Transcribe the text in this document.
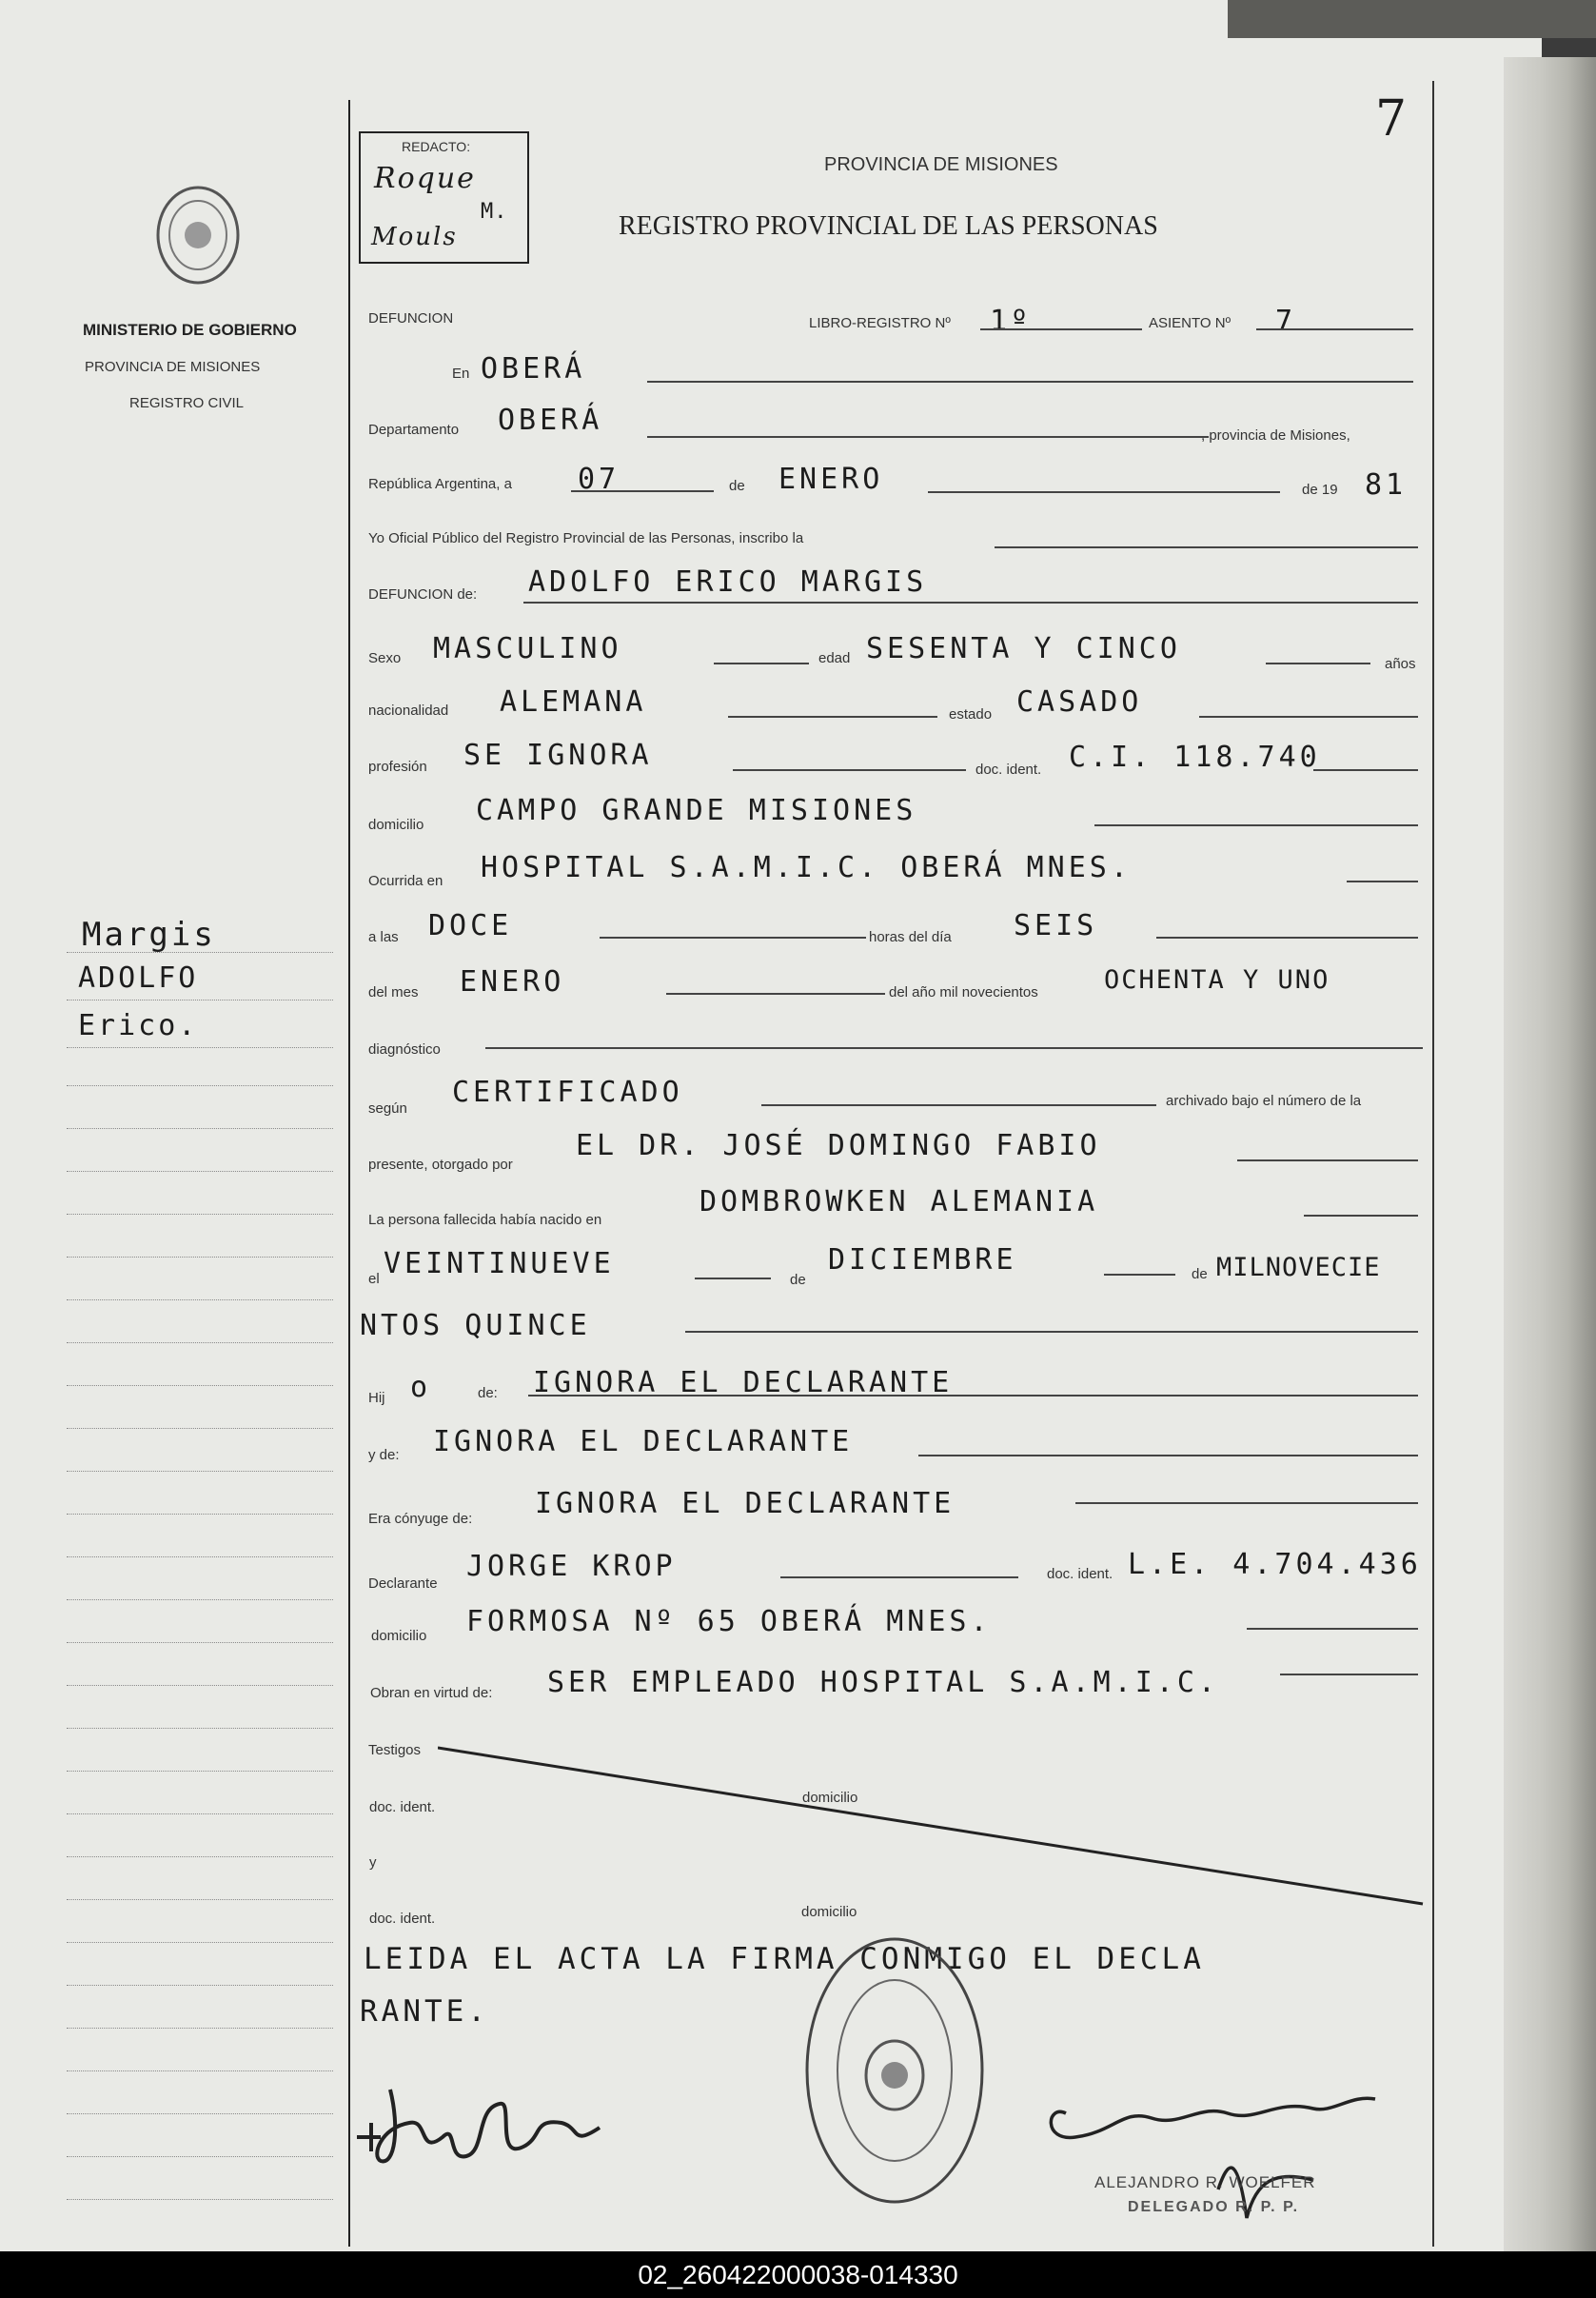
7
MINISTERIO DE GOBIERNO
PROVINCIA DE MISIONES
REGISTRO CIVIL
REDACTO:
Roque
M.
Mouls
PROVINCIA DE MISIONES
REGISTRO PROVINCIAL DE LAS PERSONAS
Margis
ADOLFO
Erico.
DEFUNCION	LIBRO-REGISTRO Nº 1º	ASIENTO Nº 7
En OBERÁ
Departamento OBERÁ	, provincia de Misiones,
República Argentina, a 07	de ENERO	de 19 81
Yo Oficial Público del Registro Provincial de las Personas, inscribo la
DEFUNCION de: ADOLFO ERICO MARGIS
Sexo MASCULINO	edad SESENTA Y CINCO	años
nacionalidad ALEMANA	estado CASADO
profesión SE IGNORA	doc. ident. C.I. 118.740
domicilio CAMPO GRANDE MISIONES
Ocurrida en HOSPITAL S.A.M.I.C. OBERÁ MNES.
a las DOCE	horas del día SEIS
del mes ENERO	del año mil novecientos	OCHENTA Y UNO
diagnóstico
según CERTIFICADO	archivado bajo el número de la
presente, otorgado por
EL DR. JOSÉ DOMINGO FABIO
La persona fallecida había nacido en
DOMBROWKEN ALEMANIA
el VEINTINUEVE	de
DICIEMBRE	de MILNOVECIE
NTOS QUINCE
Hij o	de: IGNORA EL DECLARANTE
y de: IGNORA EL DECLARANTE
Era cónyuge de: IGNORA EL DECLARANTE
Declarante
JORGE KROP	doc. ident. L.E. 4.704.436
domicilio FORMOSA Nº 65 OBERÁ MNES.
Obran en virtud de: SER EMPLEADO HOSPITAL S.A.M.I.C.
Testigos
doc. ident.
domicilio
y
doc. ident.	domicilio
LEIDA EL ACTA LA FIRMA CONMIGO EL DECLA
RANTE.
ALEJANDRO R. WOELFER
DELEGADO R. P. P.
02_260422000038-014330
